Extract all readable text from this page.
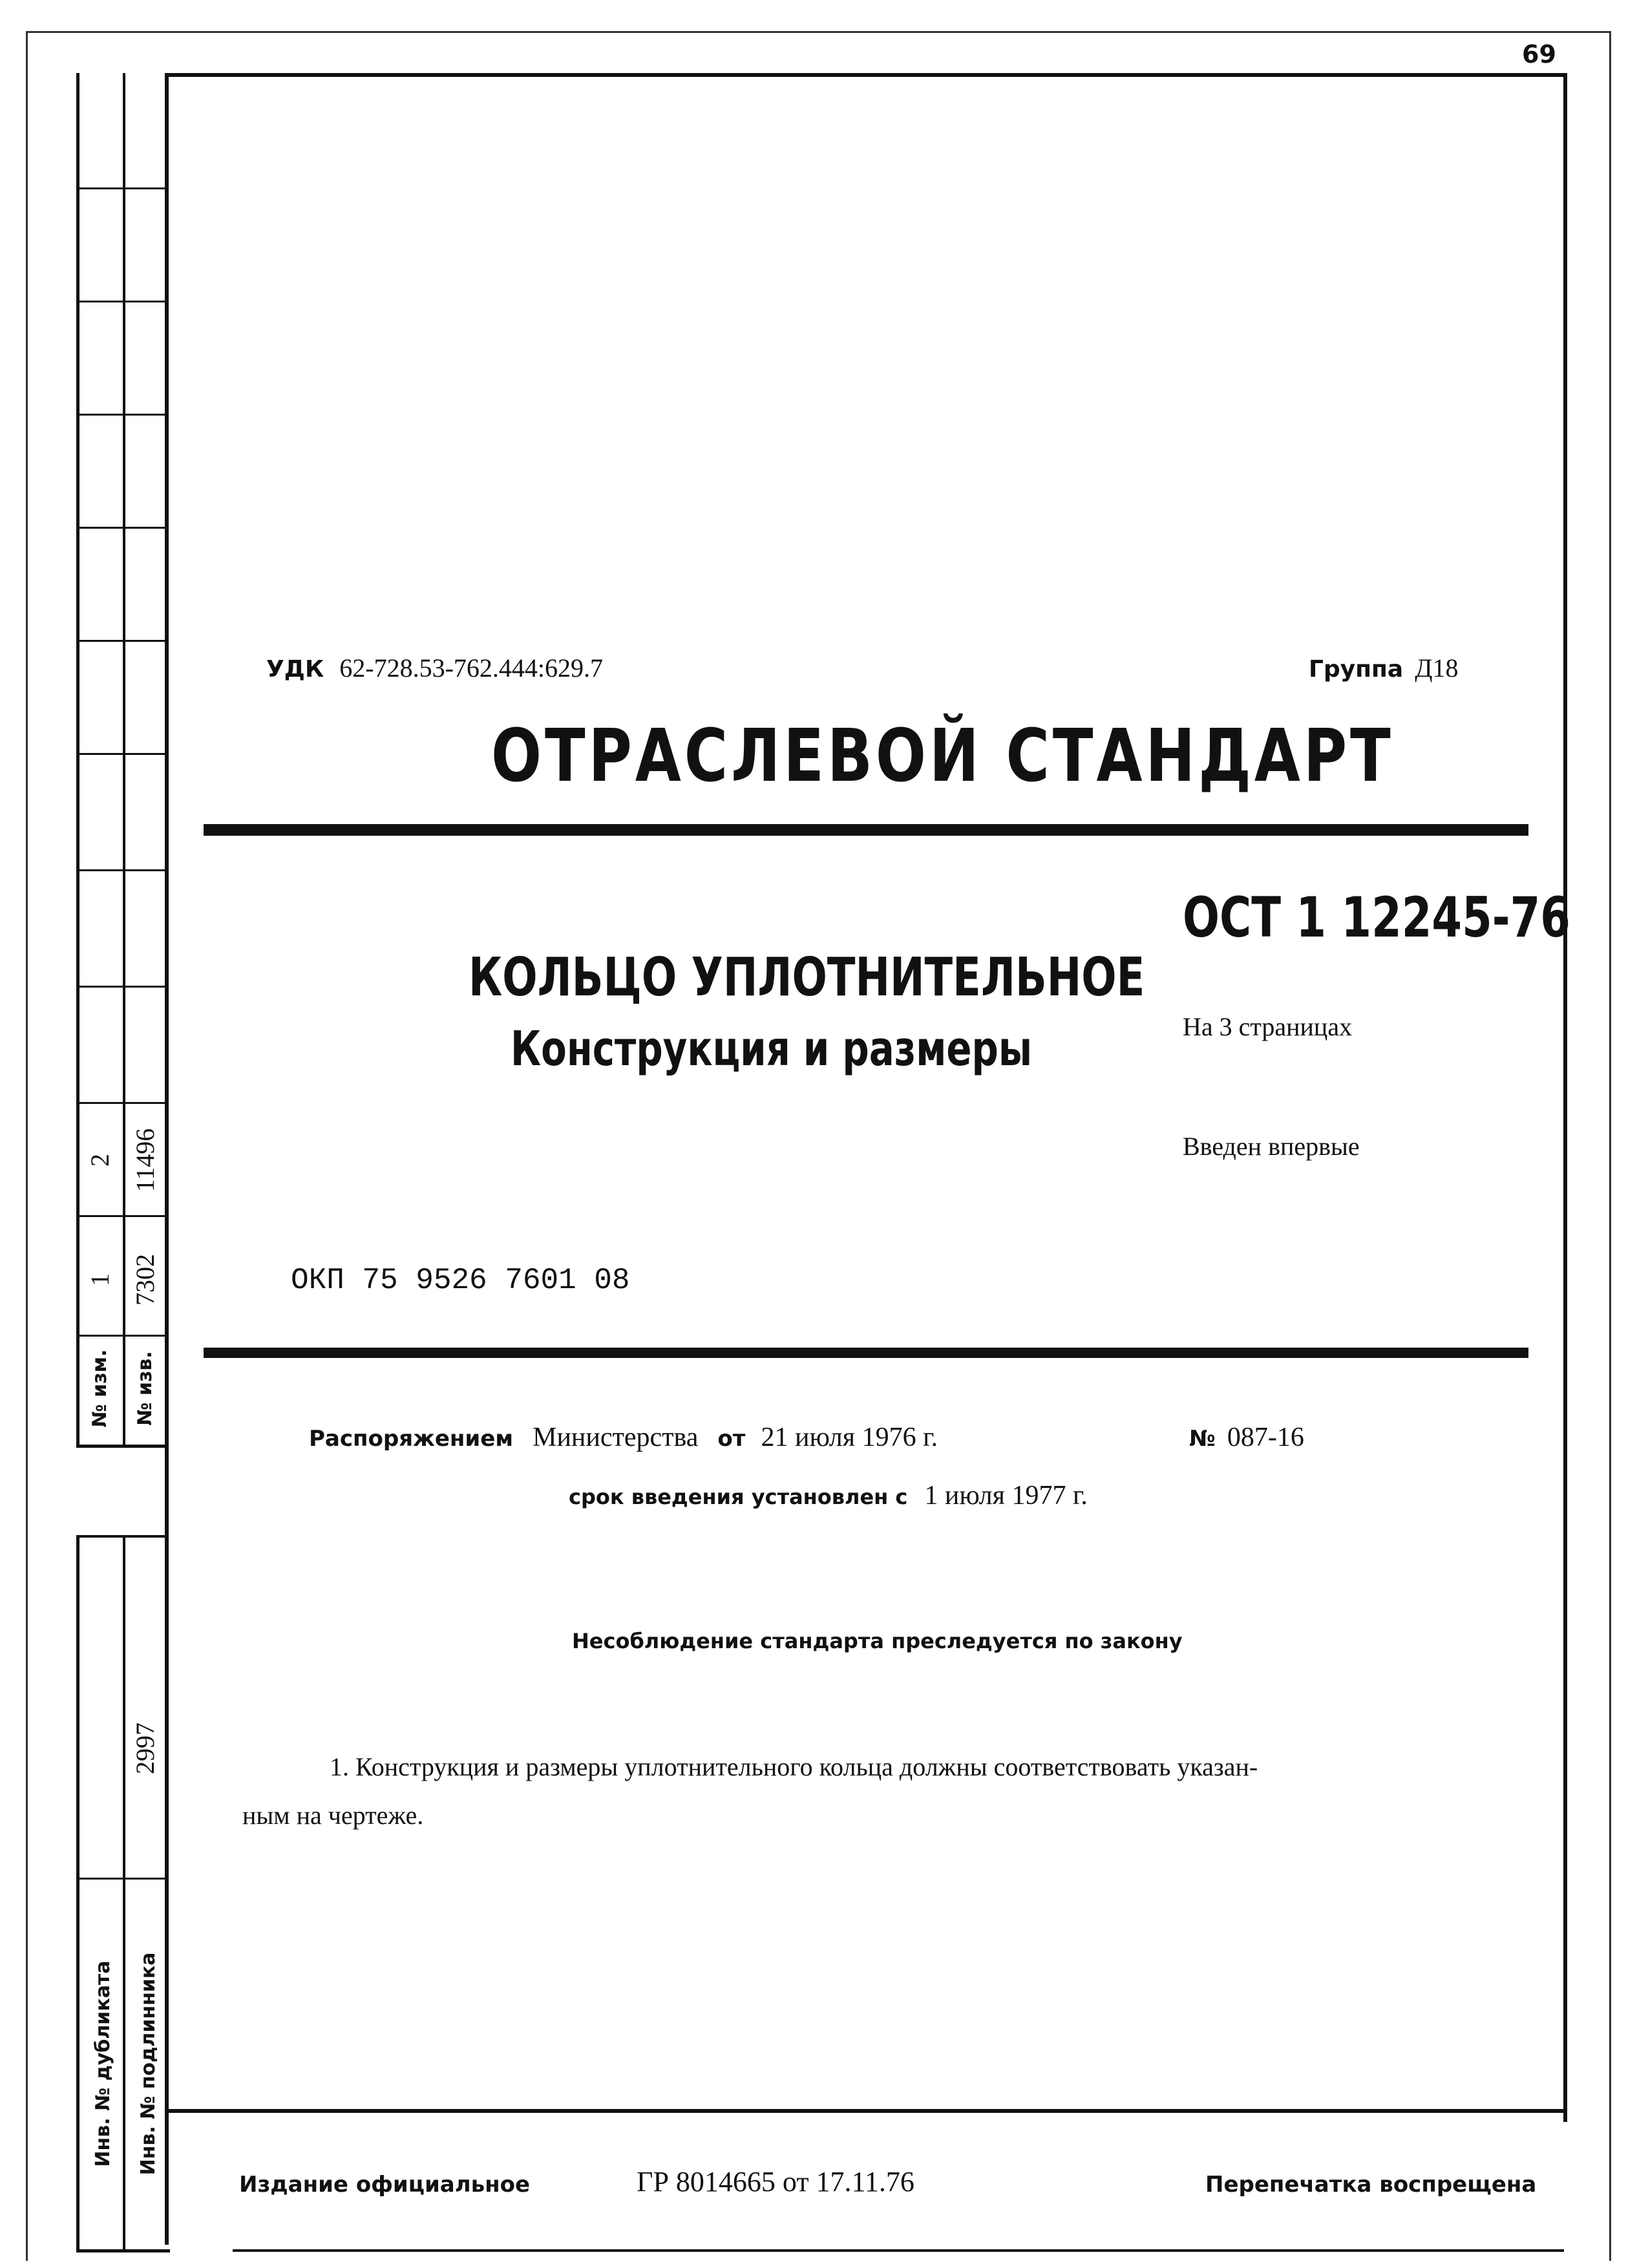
2 11496
1 7302
№ изм. № изв.
2997
Инв. № дубликата Инв. № подлинника
69
УДК 62-728.53-762.444:629.7	Группа Д18
ОТРАСЛЕВОЙ СТАНДАРТ
ОСТ 1 12245-76
КОЛЬЦО УПЛОТНИТЕЛЬНОЕ
Конструкция и размеры	На 3 страницах
Введен впервые
ОКП 75 9526 7601 08
Распоряжением Министерства от 21 июля 1976 г.	№ 087-16
срок введения установлен с 1 июля 1977 г.
Несоблюдение стандарта преследуется по закону
1. Конструкция и размеры уплотнительного кольца должны соответствовать указан-
ным на чертеже.
Издание официальное	ГР 8014665 от 17.11.76	Перепечатка воспрещена
